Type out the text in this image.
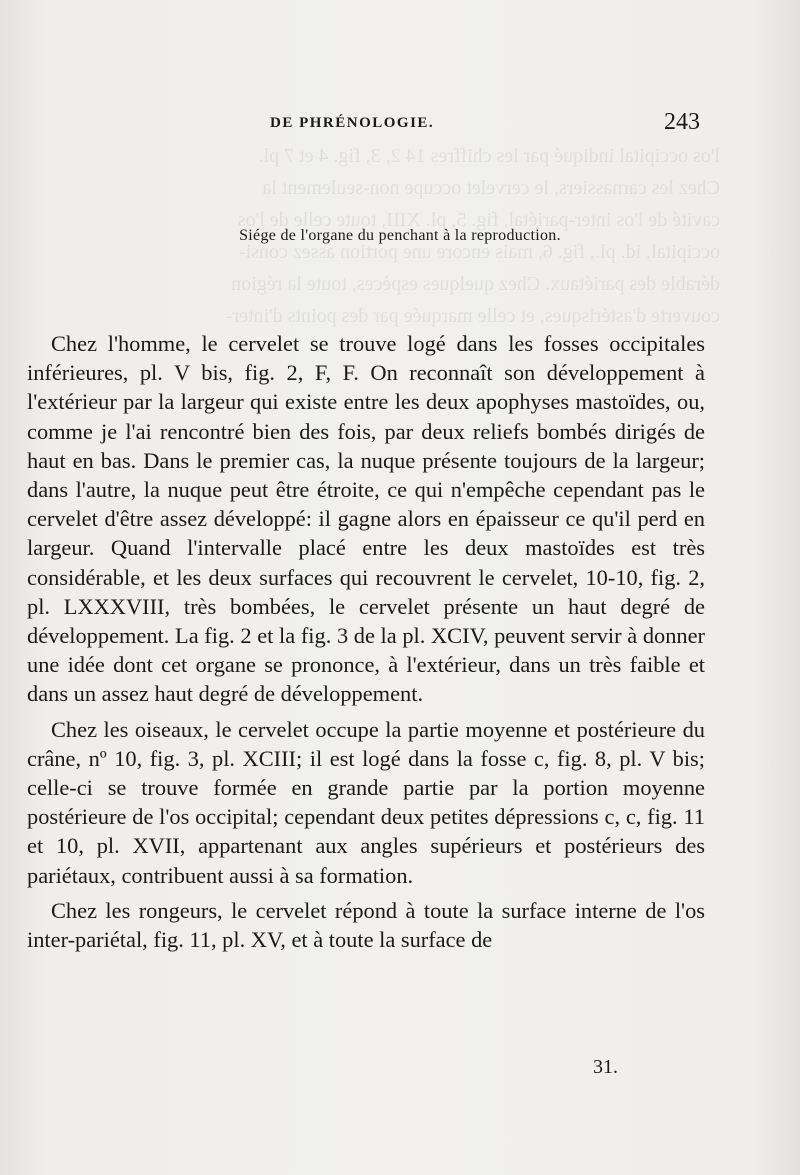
l'os occipital indiqué par les chiffres 14 2, 3, fig. 4 et 7 pl.
Chez les carnassiers, le cervelet occupe non-seulement la
cavité de l'os inter-pariétal, fig. 5, pl. XIII, toute celle de l'os
occipital, id. pl., fig. 6, mais encore une portion assez consi-
dérable des pariétaux. Chez quelques espèces, toute la région
couverte d'astérisques, et celle marquée par des points d'inter-

DE PHRÉNOLOGIE.	243
Siége de l'organe du penchant à la reproduction.

Chez l'homme, le cervelet se trouve logé dans les fosses occipitales inférieures, pl. V bis, fig. 2, F, F. On reconnaît son développement à l'extérieur par la largeur qui existe entre les deux apophyses mastoïdes, ou, comme je l'ai rencontré bien des fois, par deux reliefs bombés dirigés de haut en bas. Dans le premier cas, la nuque présente toujours de la largeur; dans l'autre, la nuque peut être étroite, ce qui n'empêche cependant pas le cervelet d'être assez développé: il gagne alors en épaisseur ce qu'il perd en largeur. Quand l'intervalle placé entre les deux mastoïdes est très considérable, et les deux surfaces qui recouvrent le cervelet, 10-10, fig. 2, pl. LXXXVIII, très bombées, le cervelet présente un haut degré de développement. La fig. 2 et la fig. 3 de la pl. XCIV, peuvent servir à donner une idée dont cet organe se prononce, à l'extérieur, dans un très faible et dans un assez haut degré de développement.

Chez les oiseaux, le cervelet occupe la partie moyenne et postérieure du crâne, nº 10, fig. 3, pl. XCIII; il est logé dans la fosse c, fig. 8, pl. V bis; celle-ci se trouve formée en grande partie par la portion moyenne postérieure de l'os occipital; cependant deux petites dépressions c, c, fig. 11 et 10, pl. XVII, appartenant aux angles supérieurs et postérieurs des pariétaux, contribuent aussi à sa formation.

Chez les rongeurs, le cervelet répond à toute la surface interne de l'os inter-pariétal, fig. 11, pl. XV, et à toute la surface de

31.
